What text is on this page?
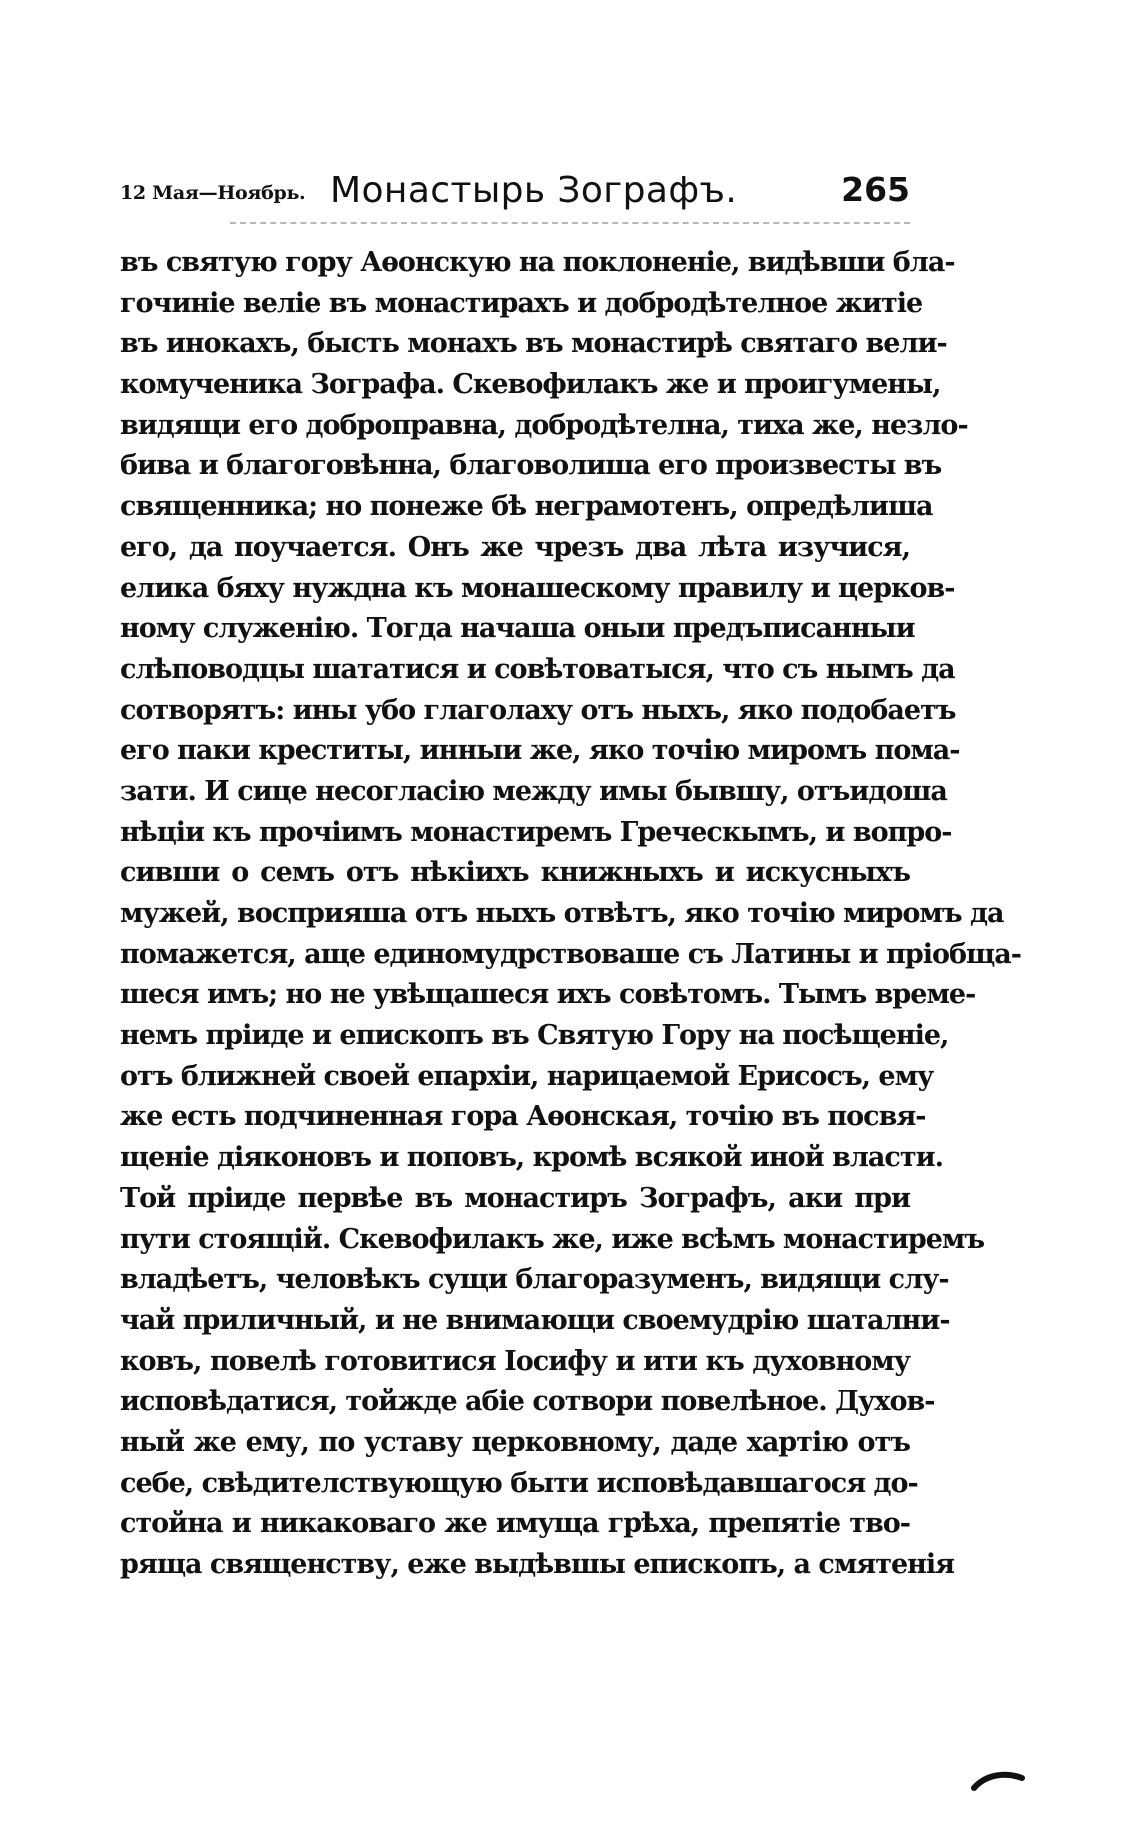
12 Мая—Ноябрь. Монастырь Зографъ.	265
въ святую гору Аѳонскую на поклоненіе, видѣвши бла-
гочиніе веліе въ монастирахъ и добродѣтелное житіе
въ инокахъ, бысть монахъ въ монастирѣ святаго вели-
комученика Зографа. Скевофилакъ же и проигумены,
видящи его доброправна, добродѣтелна, тиха же, незло-
бива и благоговѣнна, благоволиша его произвесты въ
священника; но понеже бѣ неграмотенъ, опредѣлиша
его, да поучается. Онъ же чрезъ два лѣта изучися,
елика бяху нуждна къ монашескому правилу и церков-
ному служенію. Тогда начаша оныи предъписанныи
слѣповодцы шататися и совѣтоватыся, что съ нымъ да
сотворятъ: ины убо глаголаху отъ ныхъ, яко подобаетъ
его паки креститы, инныи же, яко точію миромъ пома-
зати. И сице несогласію между имы бывшу, отъидоша
нѣціи къ прочіимъ монастиремъ Греческымъ, и вопро-
сивши о семъ отъ нѣкіихъ книжныхъ и искусныхъ
мужей, восприяша отъ ныхъ отвѣтъ, яко точію миромъ да
помажется, аще единомудрствоваше съ Латины и пріобща-
шеся имъ; но не увѣщашеся ихъ совѣтомъ. Тымъ време-
немъ пріиде и епископъ въ Святую Гору на посѣщеніе,
отъ ближней своей епархіи, нарицаемой Ерисосъ, ему
же есть подчиненная гора Аѳонская, точію въ посвя-
щеніе діяконовъ и поповъ, кромѣ всякой иной власти.
Той пріиде первѣе въ монастиръ Зографъ, аки при
пути стоящій. Скевофилакъ же, иже всѣмъ монастиремъ
владѣетъ, человѣкъ сущи благоразуменъ, видящи слу-
чай приличный, и не внимающи своемудрію шатални-
ковъ, повелѣ готовитися Іосифу и ити къ духовному
исповѣдатися, тойжде абіе сотвори повелѣное. Духов-
ный же ему, по уставу церковному, даде хартію отъ
себе, свѣдителствующую быти исповѣдавшагося до-
стойна и никаковаго же имуща грѣха, препятіе тво-
ряща священству, еже выдѣвшы епископъ, а смятенія
